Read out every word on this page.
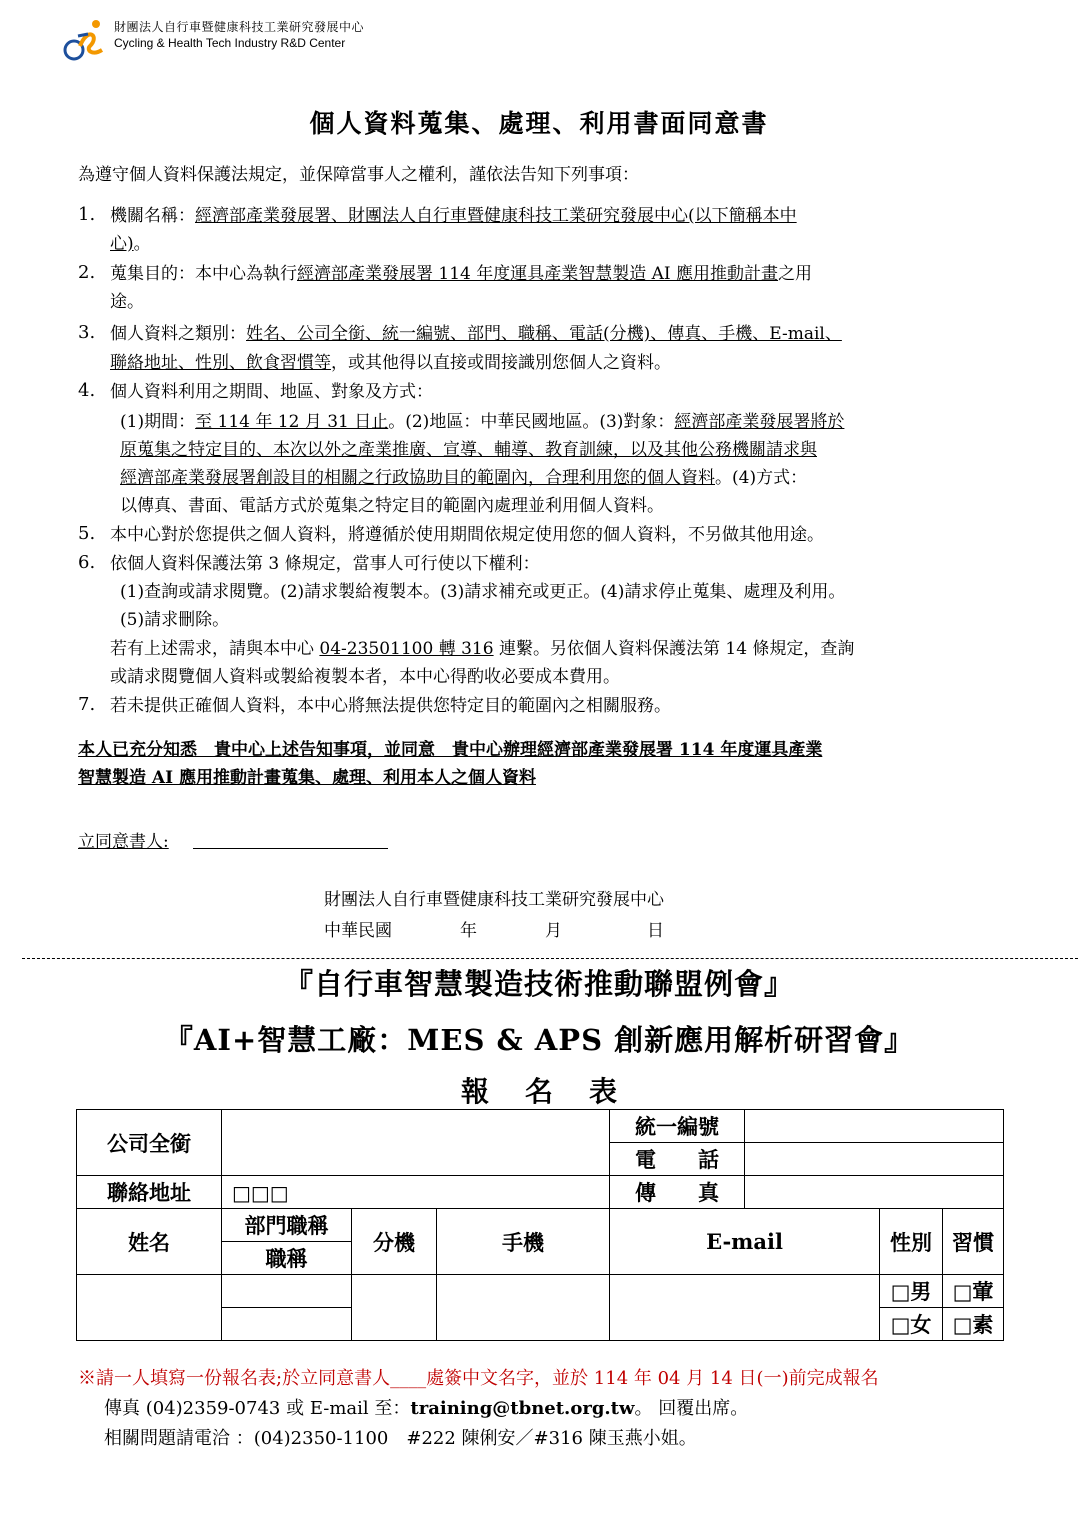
財團法人自行車暨健康科技工業研究發展中心
Cycling & Health Tech Industry R&D Center
個人資料蒐集、處理、利用書面同意書
為遵守個人資料保護法規定，並保障當事人之權利，謹依法告知下列事項：
1. 機關名稱：經濟部產業發展署、財團法人自行車暨健康科技工業研究發展中心(以下簡稱本中
心)。
2. 蒐集目的：本中心為執行經濟部產業發展署 114 年度運具產業智慧製造 AI 應用推動計畫之用
途。
3. 個人資料之類別：姓名、公司全銜、統一編號、部門、職稱、電話(分機)、傳真、手機、E-mail、
聯絡地址、性別、飲食習慣等，或其他得以直接或間接識別您個人之資料。
4. 個人資料利用之期間、地區、對象及方式：
(1)期間：至 114 年 12 月 31 日止。(2)地區：中華民國地區。(3)對象：經濟部產業發展署將於
原蒐集之特定目的、本次以外之產業推廣、宣導、輔導、教育訓練，以及其他公務機關請求與
經濟部產業發展署創設目的相關之行政協助目的範圍內，合理利用您的個人資料。(4)方式：
以傳真、書面、電話方式於蒐集之特定目的範圍內處理並利用個人資料。
5. 本中心對於您提供之個人資料，將遵循於使用期間依規定使用您的個人資料，不另做其他用途。
6. 依個人資料保護法第 3 條規定，當事人可行使以下權利：
(1)查詢或請求閱覽。(2)請求製給複製本。(3)請求補充或更正。(4)請求停止蒐集、處理及利用。
(5)請求刪除。
若有上述需求，請與本中心 04-23501100 轉 316 連繫。另依個人資料保護法第 14 條規定，查詢
或請求閱覽個人資料或製給複製本者，本中心得酌收必要成本費用。
7. 若未提供正確個人資料，本中心將無法提供您特定目的範圍內之相關服務。
本人已充分知悉　貴中心上述告知事項，並同意　貴中心辦理經濟部產業發展署 114 年度運具產業
智慧製造 AI 應用推動計畫蒐集、處理、利用本人之個人資料
立同意書人:
財團法人自行車暨健康科技工業研究發展中心
中華民國　　　　年　　　　月　　　　　日
『自行車智慧製造技術推動聯盟例會』
『AI+智慧工廠：MES & APS 創新應用解析研習會』
報名表
公司全銜				統一編號			
				電　　話			
聯絡地址	□□□			傳　　真			
姓名	部門職稱	分機	手機	E-mail		性別	習慣
	職稱						
						□男	□葷
						□女	□素
※請一人填寫一份報名表;於立同意書人____處簽中文名字，並於 114 年 04 月 14 日(一)前完成報名
傳真 (04)2359-0743 或 E-mail 至：training@tbnet.org.tw。 回覆出席。
相關問題請電洽 ：(04)2350-1100　#222 陳俐安／#316 陳玉燕小姐。
